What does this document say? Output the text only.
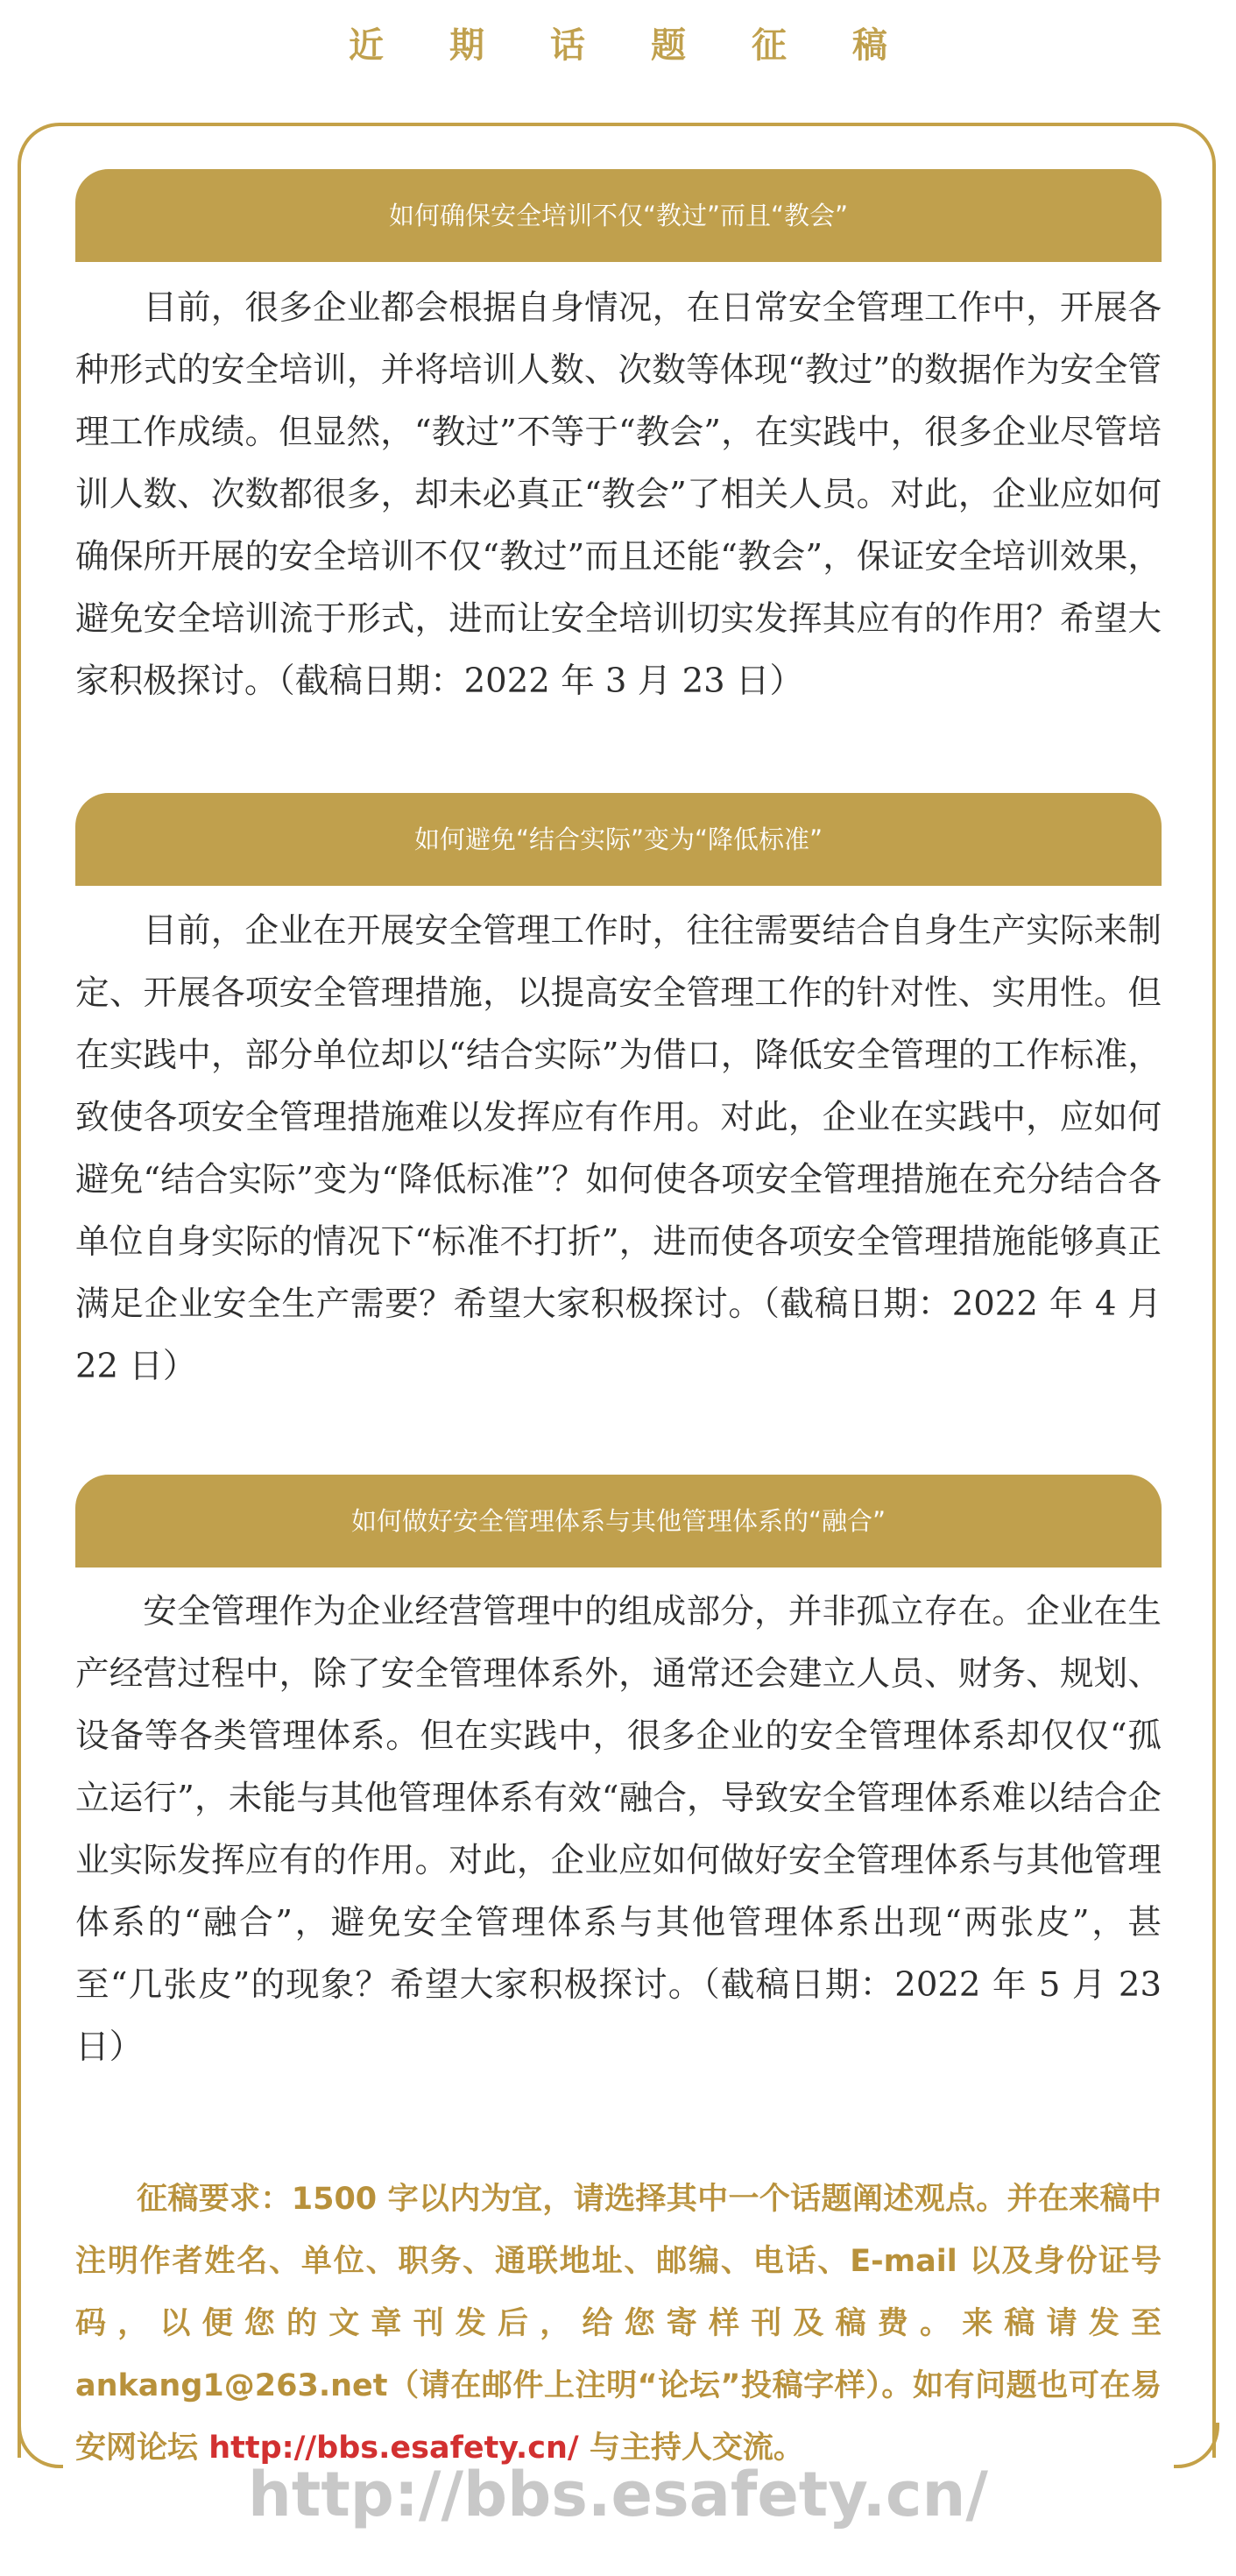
近期话题征稿
如何确保安全培训不仅“教过”而且“教会”

目前，很多企业都会根据自身情况，在日常安全管理工作中，开展各种形式的安全培训，并将培训人数、次数等体现“教过”的数据作为安全管理工作成绩。但显然，“教过”不等于“教会”，在实践中，很多企业尽管培训人数、次数都很多，却未必真正“教会”了相关人员。对此，企业应如何确保所开展的安全培训不仅“教过”而且还能“教会”，保证安全培训效果，避免安全培训流于形式，进而让安全培训切实发挥其应有的作用？希望大家积极探讨。（截稿日期：2022 年 3 月 23 日）

如何避免“结合实际”变为“降低标准”

目前，企业在开展安全管理工作时，往往需要结合自身生产实际来制定、开展各项安全管理措施，以提高安全管理工作的针对性、实用性。但在实践中，部分单位却以“结合实际”为借口，降低安全管理的工作标准，致使各项安全管理措施难以发挥应有作用。对此，企业在实践中，应如何避免“结合实际”变为“降低标准”？如何使各项安全管理措施在充分结合各单位自身实际的情况下“标准不打折”，进而使各项安全管理措施能够真正满足企业安全生产需要？希望大家积极探讨。（截稿日期：2022 年 4 月 22 日）

如何做好安全管理体系与其他管理体系的“融合”

安全管理作为企业经营管理中的组成部分，并非孤立存在。企业在生产经营过程中，除了安全管理体系外，通常还会建立人员、财务、规划、设备等各类管理体系。但在实践中，很多企业的安全管理体系却仅仅“孤立运行”，未能与其他管理体系有效“融合，导致安全管理体系难以结合企业实际发挥应有的作用。对此，企业应如何做好安全管理体系与其他管理体系的“融合”，避免安全管理体系与其他管理体系出现“两张皮”，甚至“几张皮”的现象？希望大家积极探讨。（截稿日期：2022 年 5 月 23 日）

征稿要求：1500 字以内为宜，请选择其中一个话题阐述观点。并在来稿中注明作者姓名、单位、职务、通联地址、邮编、电话、E-mail 以及身份证号码，以便您的文章刊发后，给您寄样刊及稿费。来稿请发至 ankang1@263.net（请在邮件上注明“论坛”投稿字样）。如有问题也可在易安网论坛 http://bbs.esafety.cn/ 与主持人交流。

http://bbs.esafety.cn/
